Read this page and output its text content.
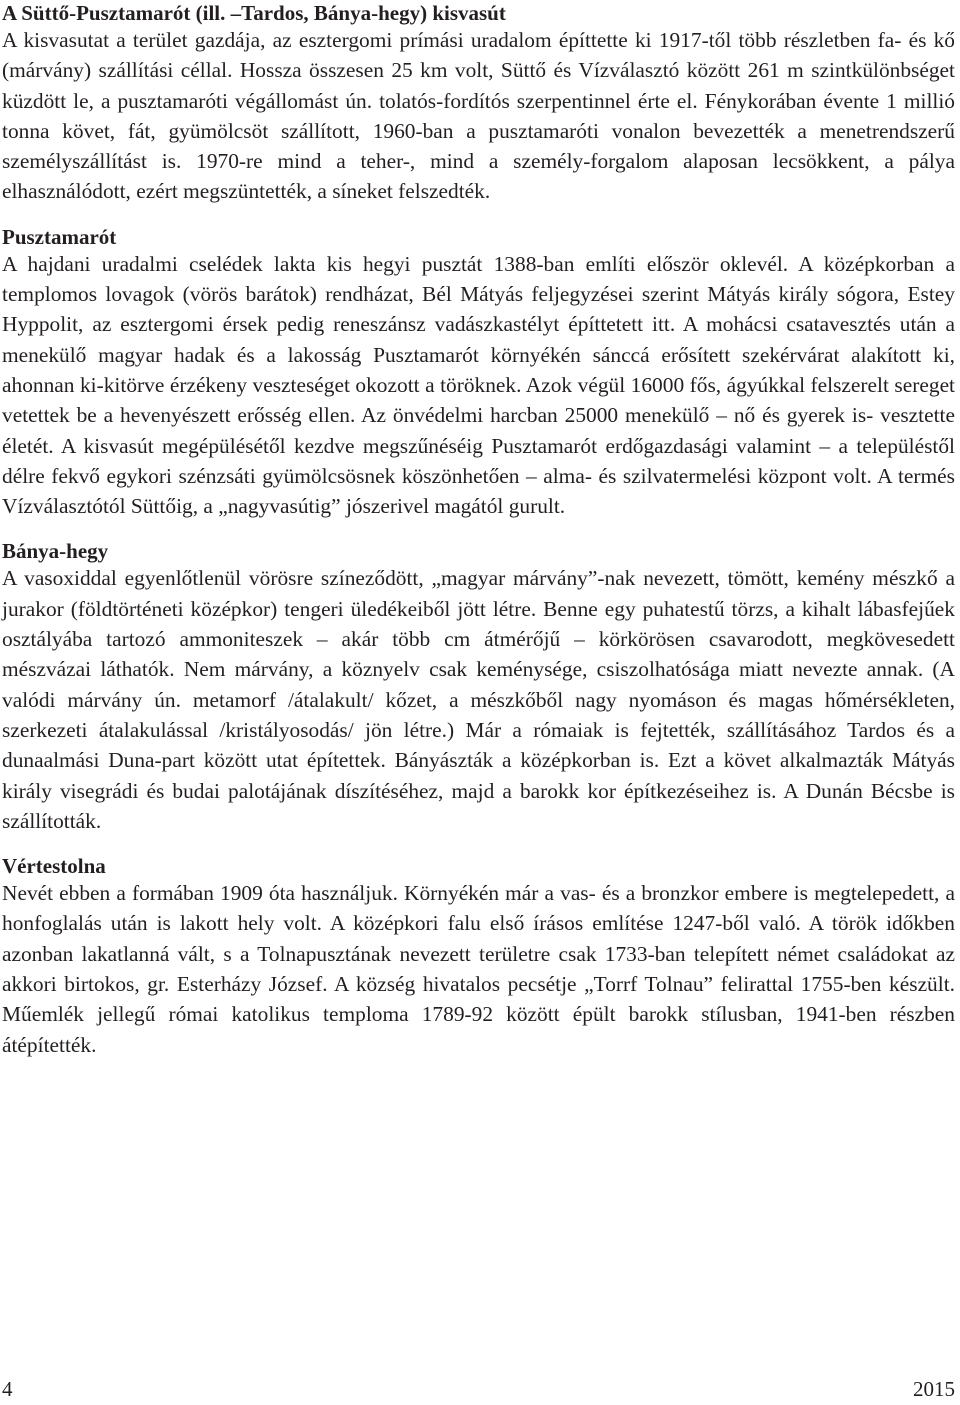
A Süttő-Pusztamarót (ill. –Tardos, Bánya-hegy) kisvasút

A kisvasutat a terület gazdája, az esztergomi prímási uradalom építtette ki 1917-től több részletben fa- és kő (márvány) szállítási céllal. Hossza összesen 25 km volt, Süttő és Vízválasztó között 261 m szintkülönbséget küzdött le, a pusztamaróti végállomást ún. tolatós-fordítós szerpentinnel érte el. Fénykorában évente 1 millió tonna követ, fát, gyümölcsöt szállított, 1960-ban a pusztamaróti vonalon bevezették a menetrendszerű személyszállítást is. 1970-re mind a teher-, mind a személy-forgalom alaposan lecsökkent, a pálya elhasználódott, ezért megszüntették, a síneket felszedték.

Pusztamarót

A hajdani uradalmi cselédek lakta kis hegyi pusztát 1388-ban említi először oklevél. A középkorban a templomos lovagok (vörös barátok) rendházat, Bél Mátyás feljegyzései szerint Mátyás király sógora, Estey Hyppolit, az esztergomi érsek pedig reneszánsz vadászkastélyt építtetett itt. A mohácsi csatavesztés után a menekülő magyar hadak és a lakosság Pusztamarót környékén sánccá erősített szekérvárat alakított ki, ahonnan ki-kitörve érzékeny veszteséget okozott a töröknek. Azok végül 16000 fős, ágyúkkal felszerelt sereget vetettek be a hevenyészett erősség ellen. Az önvédelmi harcban 25000 menekülő – nő és gyerek is- vesztette életét. A kisvasút megépülésétől kezdve megszűnéséig Pusztamarót erdőgazdasági valamint – a településtől délre fekvő egykori szénzsáti gyümölcsösnek köszönhetően – alma- és szilvatermelési központ volt. A termés Vízválasztótól Süttőig, a „nagyvasútig” jószerivel magától gurult.

Bánya-hegy

A vasoxiddal egyenlőtlenül vörösre színeződött, „magyar márvány”-nak nevezett, tömött, kemény mészkő a jurakor (földtörténeti középkor) tengeri üledékeiből jött létre. Benne egy puhatestű törzs, a kihalt lábasfejűek osztályába tartozó ammoniteszek – akár több cm átmérőjű – körkörösen csavarodott, megkövesedett mészvázai láthatók. Nem márvány, a köznyelv csak keménysége, csiszolhatósága miatt nevezte annak. (A valódi márvány ún. metamorf /átalakult/ kőzet, a mészkőből nagy nyomáson és magas hőmérsékleten, szerkezeti átalakulással /kristályosodás/ jön létre.) Már a rómaiak is fejtették, szállításához Tardos és a dunaalmási Duna-part között utat építettek. Bányászták a középkorban is. Ezt a követ alkalmazták Mátyás király visegrádi és budai palotájának díszítéséhez, majd a barokk kor építkezéseihez is. A Dunán Bécsbe is szállították.

Vértestolna

Nevét ebben a formában 1909 óta használjuk. Környékén már a vas- és a bronzkor embere is megtelepedett, a honfoglalás után is lakott hely volt. A középkori falu első írásos említése 1247-ből való. A török időkben azonban lakatlanná vált, s a Tolnapusztának nevezett területre csak 1733-ban telepített német családokat az akkori birtokos, gr. Esterházy József. A község hivatalos pecsétje „Torrf Tolnau” felirattal 1755-ben készült. Műemlék jellegű római katolikus temploma 1789-92 között épült barokk stílusban, 1941-ben részben átépítették.

4	2015
